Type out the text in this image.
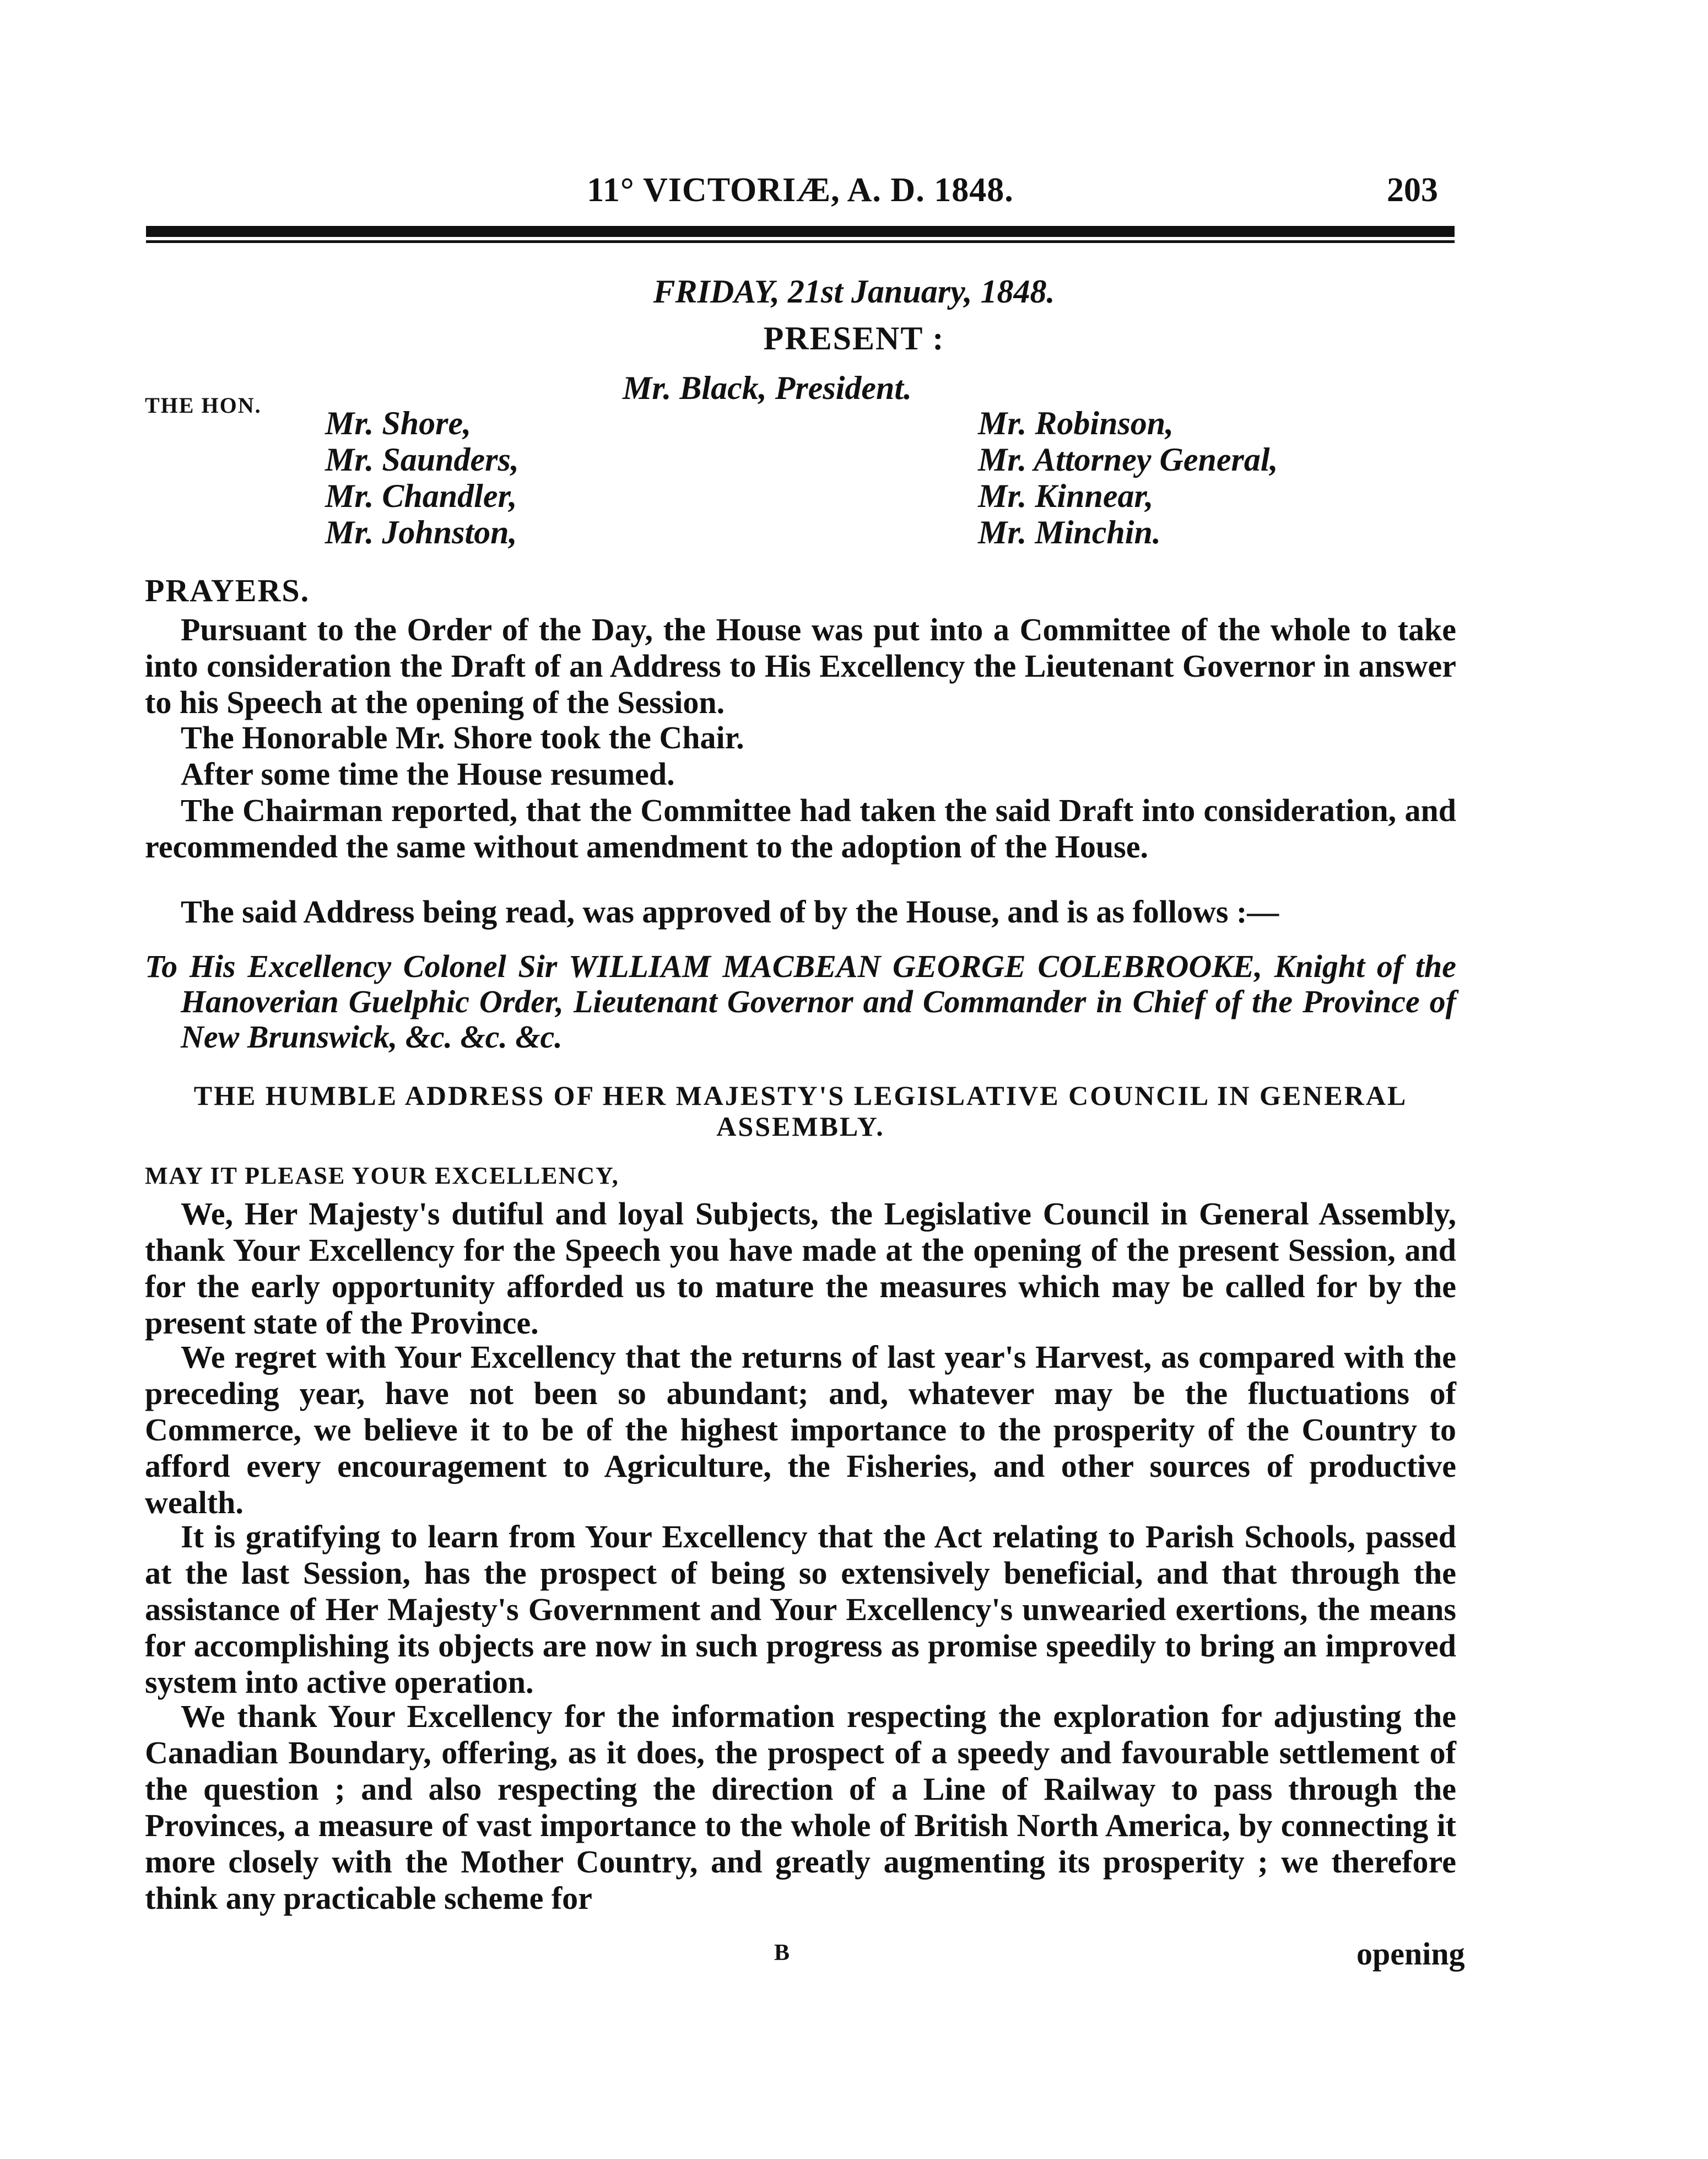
11° VICTORIÆ, A. D. 1848.	203
FRIDAY, 21st January, 1848.
PRESENT :
THE HON.	Mr. Black, President.
Mr. Shore,
Mr. Saunders,
Mr. Chandler,
Mr. Johnston,
Mr. Robinson,
Mr. Attorney General,
Mr. Kinnear,
Mr. Minchin.
PRAYERS.

Pursuant to the Order of the Day, the House was put into a Committee of the whole to take into consideration the Draft of an Address to His Excellency the Lieutenant Governor in answer to his Speech at the opening of the Session.

The Honorable Mr. Shore took the Chair.

After some time the House resumed.

The Chairman reported, that the Committee had taken the said Draft into consideration, and recommended the same without amendment to the adoption of the House.

The said Address being read, was approved of by the House, and is as follows :—

To His Excellency Colonel Sir WILLIAM MACBEAN GEORGE COLEBROOKE, Knight of the Hanoverian Guelphic Order, Lieutenant Governor and Commander in Chief of the Province of New Brunswick, &c. &c. &c.

THE HUMBLE ADDRESS OF HER MAJESTY'S LEGISLATIVE COUNCIL IN GENERAL ASSEMBLY.

MAY IT PLEASE YOUR EXCELLENCY,

We, Her Majesty's dutiful and loyal Subjects, the Legislative Council in General Assembly, thank Your Excellency for the Speech you have made at the opening of the present Session, and for the early opportunity afforded us to mature the measures which may be called for by the present state of the Province.

We regret with Your Excellency that the returns of last year's Harvest, as compared with the preceding year, have not been so abundant; and, whatever may be the fluctuations of Commerce, we believe it to be of the highest importance to the prosperity of the Country to afford every encouragement to Agriculture, the Fisheries, and other sources of productive wealth.

It is gratifying to learn from Your Excellency that the Act relating to Parish Schools, passed at the last Session, has the prospect of being so extensively beneficial, and that through the assistance of Her Majesty's Government and Your Excellency's unwearied exertions, the means for accomplishing its objects are now in such progress as promise speedily to bring an improved system into active operation.

We thank Your Excellency for the information respecting the exploration for adjusting the Canadian Boundary, offering, as it does, the prospect of a speedy and favourable settlement of the question ; and also respecting the direction of a Line of Railway to pass through the Provinces, a measure of vast importance to the whole of British North America, by connecting it more closely with the Mother Country, and greatly augmenting its prosperity ; we therefore think any practicable scheme for

B	opening
